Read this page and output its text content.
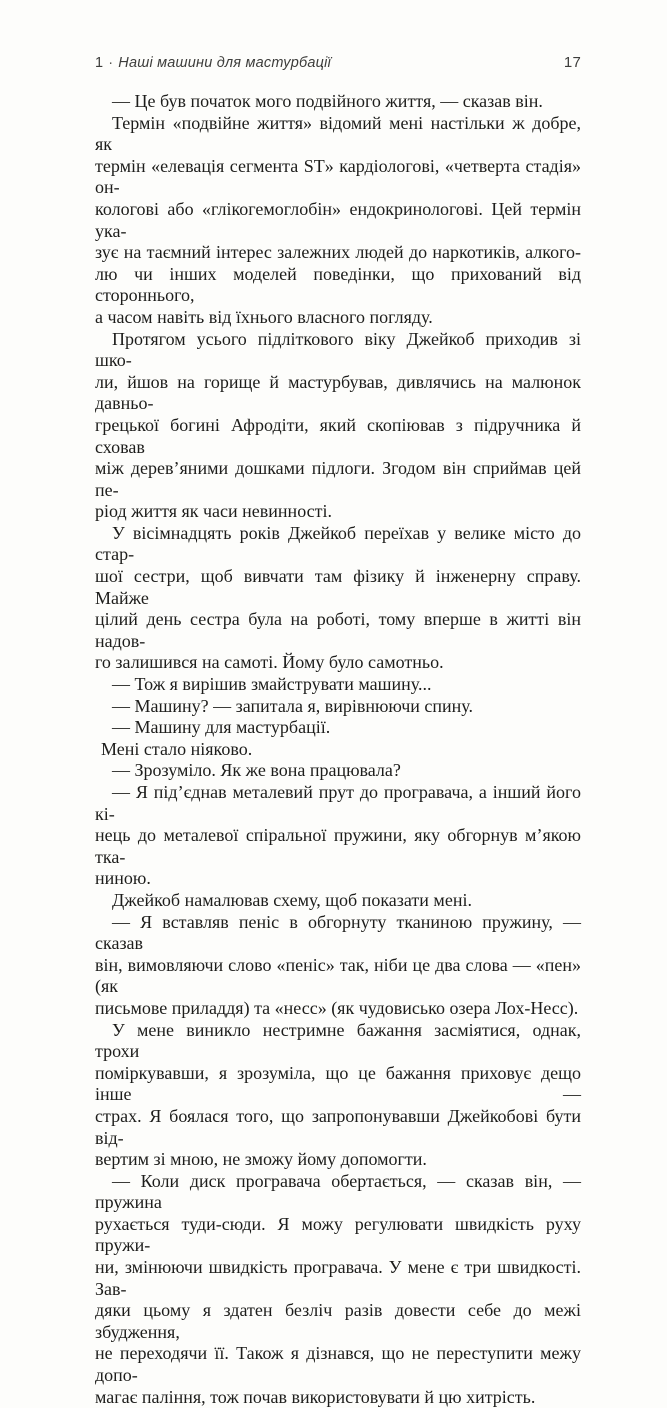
1 · Наші машини для мастурбації	17
— Це був початок мого подвійного життя, — сказав він.
Термін «подвійне життя» відомий мені настільки ж добре, як
термін «елевація сегмента ST» кардіологові, «четверта стадія» он-
кологові або «глікогемоглобін» ендокринологові. Цей термін ука-
зує на таємний інтерес залежних людей до наркотиків, алкого-
лю чи інших моделей поведінки, що прихований від стороннього,
а часом навіть від їхнього власного погляду.
Протягом усього підліткового віку Джейкоб приходив зі шко-
ли, йшов на горище й мастурбував, дивлячись на малюнок давньо-
грецької богині Афродіти, який скопіював з підручника й сховав
між дерев’яними дошками підлоги. Згодом він сприймав цей пе-
ріод життя як часи невинності.
У вісімнадцять років Джейкоб переїхав у велике місто до стар-
шої сестри, щоб вивчати там фізику й інженерну справу. Майже
цілий день сестра була на роботі, тому вперше в житті він надов-
го залишився на самоті. Йому було самотньо.
— Тож я вирішив змайструвати машину...
— Машину? — запитала я, вирівнюючи спину.
— Машину для мастурбації.
Мені стало ніяково.
— Зрозуміло. Як же вона працювала?
— Я під’єднав металевий прут до програвача, а інший його кі-
нець до металевої спіральної пружини, яку обгорнув м’якою тка-
ниною.
Джейкоб намалював схему, щоб показати мені.
— Я вставляв пеніс в обгорнуту тканиною пружину, — сказав
він, вимовляючи слово «пеніс» так, ніби це два слова — «пен» (як
письмове приладдя) та «несс» (як чудовисько озера Лох-Несс).
У мене виникло нестримне бажання засміятися, однак, трохи
поміркувавши, я зрозуміла, що це бажання приховує дещо інше —
страх. Я боялася того, що запропонувавши Джейкобові бути від-
вертим зі мною, не зможу йому допомогти.
— Коли диск програвача обертається, — сказав він, — пружина
рухається туди-сюди. Я можу регулювати швидкість руху пружи-
ни, змінюючи швидкість програвача. У мене є три швидкості. Зав-
дяки цьому я здатен безліч разів довести себе до межі збудження,
не переходячи її. Також я дізнався, що не переступити межу допо-
магає паління, тож почав використовувати й цю хитрість.
